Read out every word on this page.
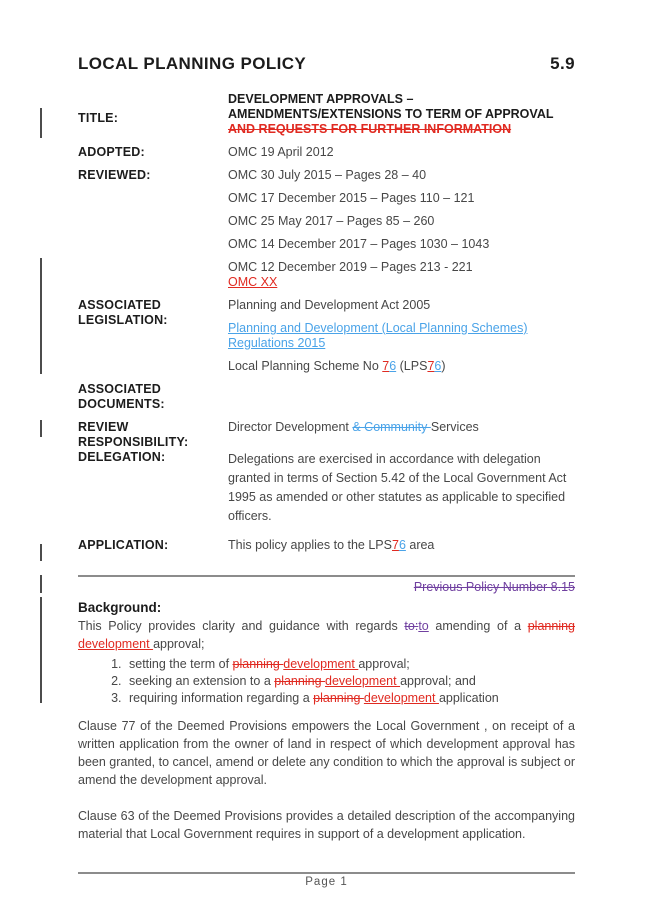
LOCAL PLANNING POLICY	5.9
TITLE:

DEVELOPMENT APPROVALS – AMENDMENTS/EXTENSIONS TO TERM OF APPROVAL AND REQUESTS FOR FURTHER INFORMATION

ADOPTED:	OMC 19 April 2012

REVIEWED:	OMC 30 July 2015 – Pages 28 – 40

OMC 17 December 2015 – Pages 110 – 121

OMC 25 May 2017 – Pages 85 – 260

OMC 14 December 2017 – Pages 1030 – 1043

OMC 12 December 2019 – Pages 213 - 221
OMC XX

ASSOCIATED LEGISLATION:

Planning and Development Act 2005

Planning and Development (Local Planning Schemes) Regulations 2015

Local Planning Scheme No 76 (LPS76)

ASSOCIATED DOCUMENTS:
REVIEW RESPONSIBILITY:

Director Development & Community Services

DELEGATION:	Delegations are exercised in accordance with delegation granted in terms of Section 5.42 of the Local Government Act 1995 as amended or other statutes as applicable to specified officers.

APPLICATION:	This policy applies to the LPS76 area

Previous Policy Number 8.15
Background:

This Policy provides clarity and guidance with regards to:to amending of a planning development approval;

1. setting the term of planning development approval;
2. seeking an extension to a planning development approval; and
3. requiring information regarding a planning development application

Clause 77 of the Deemed Provisions empowers the Local Government , on receipt of a written application from the owner of land in respect of which development approval has been granted, to cancel, amend or delete any condition to which the approval is subject or amend the development approval.

Clause 63 of the Deemed Provisions provides a detailed description of the accompanying material that Local Government requires in support of a development application.

Page 1
